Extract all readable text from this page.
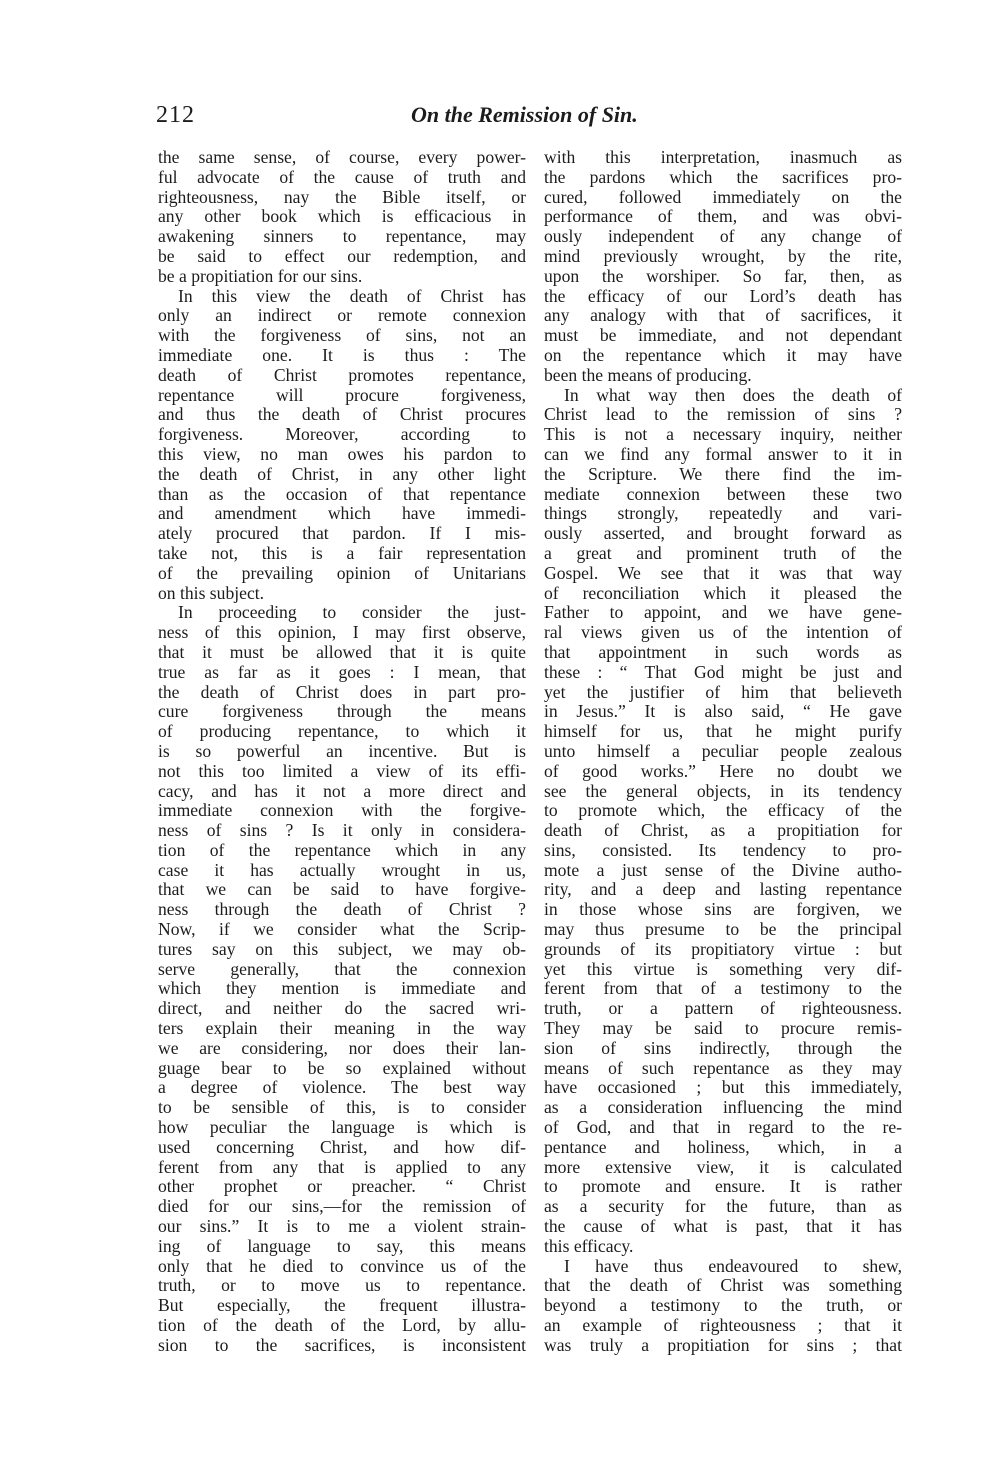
212	On the Remission of Sin.
the same sense, of course, every power-
ful advocate of the cause of truth and
righteousness, nay the Bible itself, or
any other book which is efficacious in
awakening sinners to repentance, may
be said to effect our redemption, and
be a propitiation for our sins.
In this view the death of Christ has
only an indirect or remote connexion
with the forgiveness of sins, not an
immediate one. It is thus : The
death of Christ promotes repentance,
repentance will procure forgiveness,
and thus the death of Christ procures
forgiveness. Moreover, according to
this view, no man owes his pardon to
the death of Christ, in any other light
than as the occasion of that repentance
and amendment which have immedi-
ately procured that pardon. If I mis-
take not, this is a fair representation
of the prevailing opinion of Unitarians
on this subject.
In proceeding to consider the just-
ness of this opinion, I may first observe,
that it must be allowed that it is quite
true as far as it goes : I mean, that
the death of Christ does in part pro-
cure forgiveness through the means
of producing repentance, to which it
is so powerful an incentive. But is
not this too limited a view of its effi-
cacy, and has it not a more direct and
immediate connexion with the forgive-
ness of sins ? Is it only in considera-
tion of the repentance which in any
case it has actually wrought in us,
that we can be said to have forgive-
ness through the death of Christ ?
Now, if we consider what the Scrip-
tures say on this subject, we may ob-
serve generally, that the connexion
which they mention is immediate and
direct, and neither do the sacred wri-
ters explain their meaning in the way
we are considering, nor does their lan-
guage bear to be so explained without
a degree of violence. The best way
to be sensible of this, is to consider
how peculiar the language is which is
used concerning Christ, and how dif-
ferent from any that is applied to any
other prophet or preacher. “ Christ
died for our sins,—for the remission of
our sins.” It is to me a violent strain-
ing of language to say, this means
only that he died to convince us of the
truth, or to move us to repentance.
But especially, the frequent illustra-
tion of the death of the Lord, by allu-
sion to the sacrifices, is inconsistent
with this interpretation, inasmuch as
the pardons which the sacrifices pro-
cured, followed immediately on the
performance of them, and was obvi-
ously independent of any change of
mind previously wrought, by the rite,
upon the worshiper. So far, then, as
the efficacy of our Lord’s death has
any analogy with that of sacrifices, it
must be immediate, and not dependant
on the repentance which it may have
been the means of producing.
In what way then does the death of
Christ lead to the remission of sins ?
This is not a necessary inquiry, neither
can we find any formal answer to it in
the Scripture. We there find the im-
mediate connexion between these two
things strongly, repeatedly and vari-
ously asserted, and brought forward as
a great and prominent truth of the
Gospel. We see that it was that way
of reconciliation which it pleased the
Father to appoint, and we have gene-
ral views given us of the intention of
that appointment in such words as
these : “ That God might be just and
yet the justifier of him that believeth
in Jesus.” It is also said, “ He gave
himself for us, that he might purify
unto himself a peculiar people zealous
of good works.” Here no doubt we
see the general objects, in its tendency
to promote which, the efficacy of the
death of Christ, as a propitiation for
sins, consisted. Its tendency to pro-
mote a just sense of the Divine autho-
rity, and a deep and lasting repentance
in those whose sins are forgiven, we
may thus presume to be the principal
grounds of its propitiatory virtue : but
yet this virtue is something very dif-
ferent from that of a testimony to the
truth, or a pattern of righteousness.
They may be said to procure remis-
sion of sins indirectly, through the
means of such repentance as they may
have occasioned ; but this immediately,
as a consideration influencing the mind
of God, and that in regard to the re-
pentance and holiness, which, in a
more extensive view, it is calculated
to promote and ensure. It is rather
as a security for the future, than as
the cause of what is past, that it has
this efficacy.
I have thus endeavoured to shew,
that the death of Christ was something
beyond a testimony to the truth, or
an example of righteousness ; that it
was truly a propitiation for sins ; that
